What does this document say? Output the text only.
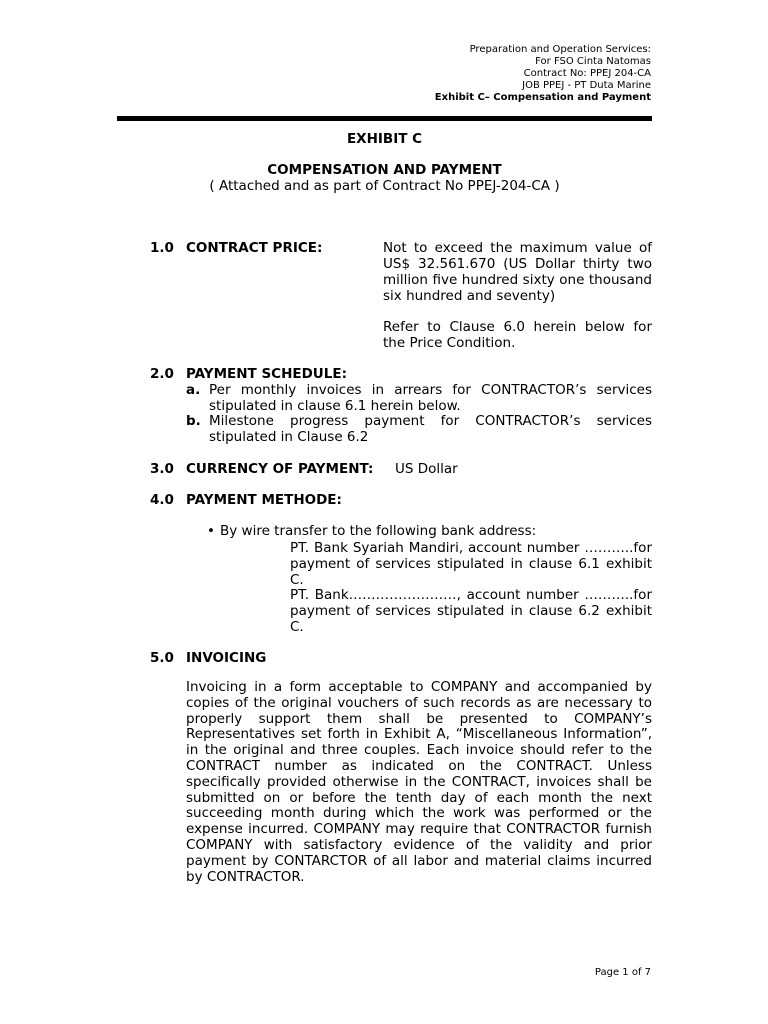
Preparation and Operation Services:
For FSO Cinta Natomas
Contract No: PPEJ 204-CA
JOB PPEJ - PT Duta Marine
Exhibit C– Compensation and Payment
EXHIBIT C
COMPENSATION AND PAYMENT
( Attached and as part of Contract No PPEJ-204-CA )
1.0 CONTRACT PRICE:	Not to exceed the maximum value of US$ 32.561.670 (US Dollar thirty two million five hundred sixty one thousand six hundred and seventy)
Refer to Clause 6.0 herein below for the Price Condition.
2.0 PAYMENT SCHEDULE:
a. Per monthly invoices in arrears for CONTRACTOR’s services stipulated in clause 6.1 herein below.
b. Milestone progress payment for CONTRACTOR’s services stipulated in Clause 6.2
3.0 CURRENCY OF PAYMENT: US Dollar
4.0 PAYMENT METHODE:
• By wire transfer to the following bank address:
PT. Bank Syariah Mandiri, account number ………..for payment of services stipulated in clause 6.1 exhibit C.
PT. Bank……………………, account number ………..for payment of services stipulated in clause 6.2 exhibit C.
5.0 INVOICING
Invoicing in a form acceptable to COMPANY and accompanied by copies of the original vouchers of such records as are necessary to properly support them shall be presented to COMPANY’s Representatives set forth in Exhibit A, “Miscellaneous Information”, in the original and three couples. Each invoice should refer to the CONTRACT number as indicated on the CONTRACT. Unless specifically provided otherwise in the CONTRACT, invoices shall be submitted on or before the tenth day of each month the next succeeding month during which the work was performed or the expense incurred. COMPANY may require that CONTRACTOR furnish COMPANY with satisfactory evidence of the validity and prior payment by CONTARCTOR of all labor and material claims incurred by CONTRACTOR.
Page 1 of 7
